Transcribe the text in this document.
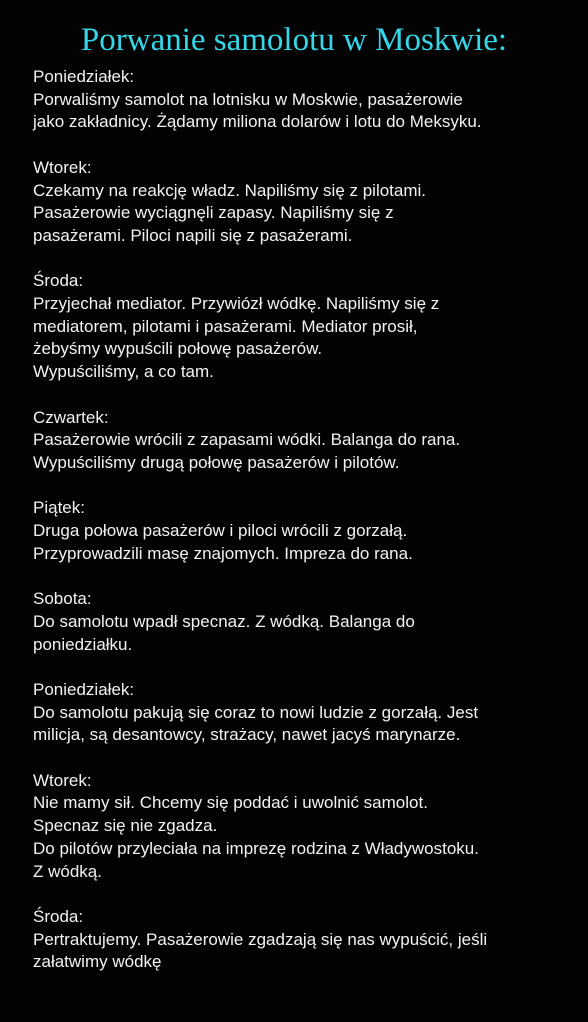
Porwanie samolotu w Moskwie:
Poniedziałek:
Porwaliśmy samolot na lotnisku w Moskwie, pasażerowie
jako zakładnicy. Żądamy miliona dolarów i lotu do Meksyku.
Wtorek:
Czekamy na reakcję władz. Napiliśmy się z pilotami.
Pasażerowie wyciągnęli zapasy. Napiliśmy się z
pasażerami. Piloci napili się z pasażerami.
Środa:
Przyjechał mediator. Przywiózł wódkę. Napiliśmy się z
mediatorem, pilotami i pasażerami. Mediator prosił,
żebyśmy wypuścili połowę pasażerów.
Wypuściliśmy, a co tam.
Czwartek:
Pasażerowie wrócili z zapasami wódki. Balanga do rana.
Wypuściliśmy drugą połowę pasażerów i pilotów.
Piątek:
Druga połowa pasażerów i piloci wrócili z gorzałą.
Przyprowadzili masę znajomych. Impreza do rana.
Sobota:
Do samolotu wpadł specnaz. Z wódką. Balanga do
poniedziałku.
Poniedziałek:
Do samolotu pakują się coraz to nowi ludzie z gorzałą. Jest
milicja, są desantowcy, strażacy, nawet jacyś marynarze.
Wtorek:
Nie mamy sił. Chcemy się poddać i uwolnić samolot.
Specnaz się nie zgadza.
Do pilotów przyleciała na imprezę rodzina z Władywostoku.
Z wódką.
Środa:
Pertraktujemy. Pasażerowie zgadzają się nas wypuścić, jeśli
załatwimy wódkę
